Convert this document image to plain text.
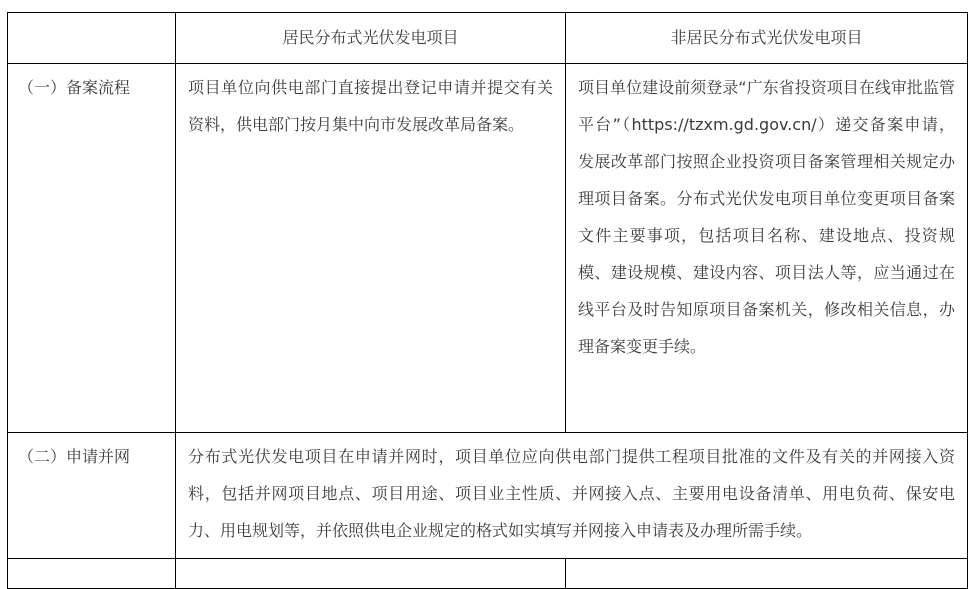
	居民分布式光伏发电项目	非居民分布式光伏发电项目
（一）备案流程	项目单位向供电部门直接提出登记申请并提交有关资料，供电部门按月集中向市发展改革局备案。	项目单位建设前须登录“广东省投资项目在线审批监管平台”（https://tzxm.gd.gov.cn/）递交备案申请，发展改革部门按照企业投资项目备案管理相关规定办理项目备案。分布式光伏发电项目单位变更项目备案文件主要事项，包括项目名称、建设地点、投资规模、建设规模、建设内容、项目法人等，应当通过在线平台及时告知原项目备案机关，修改相关信息，办理备案变更手续。
（二）申请并网	分布式光伏发电项目在申请并网时，项目单位应向供电部门提供工程项目批准的文件及有关的并网接入资料，包括并网项目地点、项目用途、项目业主性质、并网接入点、主要用电设备清单、用电负荷、保安电力、用电规划等，并依照供电企业规定的格式如实填写并网接入申请表及办理所需手续。	
